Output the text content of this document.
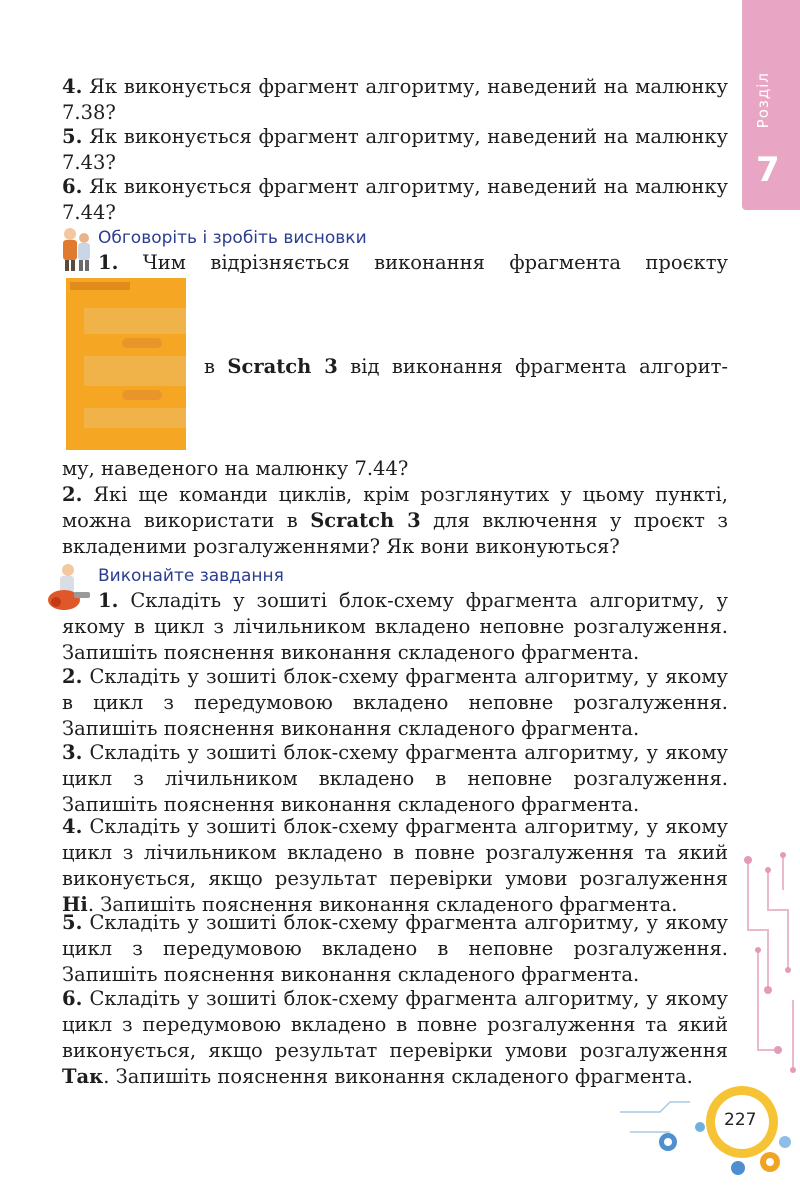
Розділ
7

4. Як виконується фрагмент алгоритму, наведений на малюнку 7.38?

5. Як виконується фрагмент алгоритму, наведений на малюнку 7.43?

6. Як виконується фрагмент алгоритму, наведений на малюнку 7.44?

Обговоріть і зробіть висновки

1. Чим відрізняється виконання фрагмента проєкту

в Scratch 3 від виконання фрагмента алгорит-

му, наведеного на малюнку 7.44?

2. Які ще команди циклів, крім розглянутих у цьому пункті, можна використати в Scratch 3 для включення у проєкт з вкладеними розгалуженнями? Як вони виконуються?

Виконайте завдання

1. Складіть у зошиті блок-схему фрагмента алгоритму, у якому в цикл з лічильником вкладено неповне розгалуження. Запишіть пояснення виконання складеного фрагмента.

2. Складіть у зошиті блок-схему фрагмента алгоритму, у якому в цикл з передумовою вкладено неповне розгалуження. Запишіть пояснення виконання складеного фрагмента.

3. Складіть у зошиті блок-схему фрагмента алгоритму, у якому цикл з лічильником вкладено в неповне розгалуження. Запишіть пояснення виконання складеного фрагмента.

4. Складіть у зошиті блок-схему фрагмента алгоритму, у якому цикл з лічильником вкладено в повне розгалуження та який виконується, якщо результат перевірки умови розгалуження Ні. Запишіть пояснення виконання складеного фрагмента.

5. Складіть у зошиті блок-схему фрагмента алгоритму, у якому цикл з передумовою вкладено в неповне розгалуження. Запишіть пояснення виконання складеного фрагмента.

6. Складіть у зошиті блок-схему фрагмента алгоритму, у якому цикл з передумовою вкладено в повне розгалуження та який виконується, якщо результат перевірки умови розгалуження Так. Запишіть пояснення виконання складеного фрагмента.

227
